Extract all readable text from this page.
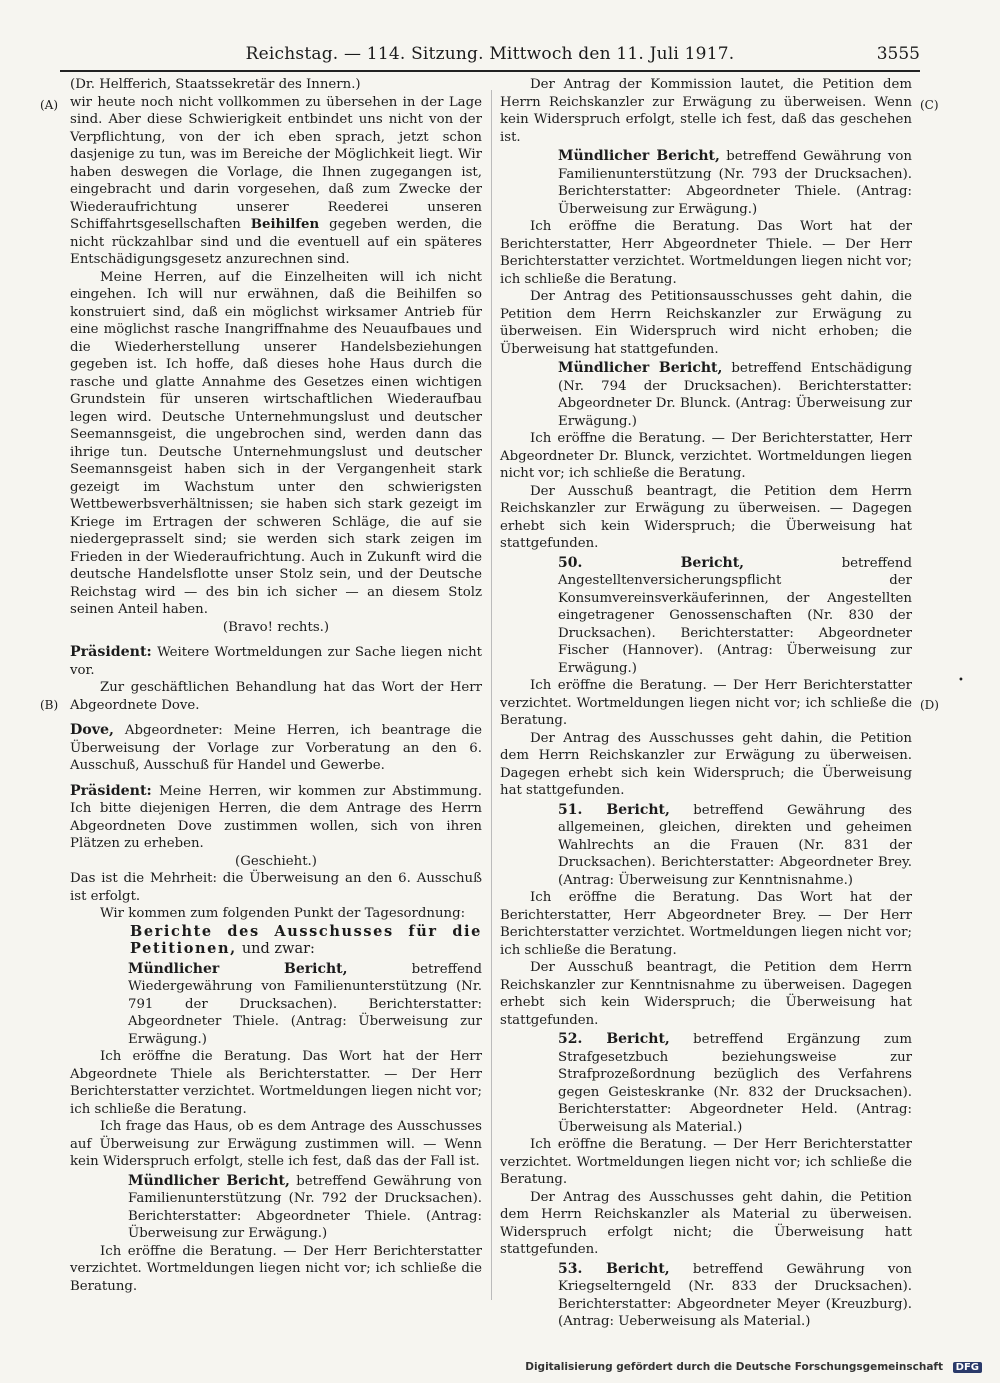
Reichstag. — 114. Sitzung. Mittwoch den 11. Juli 1917.	3555
(A)
(B)
(C)
(D)
•

(Dr. Helfferich, Staatssekretär des Innern.)

wir heute noch nicht vollkommen zu übersehen in der Lage sind. Aber diese Schwierigkeit entbindet uns nicht von der Verpflichtung, von der ich eben sprach, jetzt schon dasjenige zu tun, was im Bereiche der Möglichkeit liegt. Wir haben deswegen die Vorlage, die Ihnen zugegangen ist, eingebracht und darin vorgesehen, daß zum Zwecke der Wiederaufrichtung unserer Reederei unseren Schiffahrtsgesellschaften Beihilfen gegeben werden, die nicht rückzahlbar sind und die eventuell auf ein späteres Entschädigungsgesetz anzurechnen sind.

Meine Herren, auf die Einzelheiten will ich nicht eingehen. Ich will nur erwähnen, daß die Beihilfen so konstruiert sind, daß ein möglichst wirksamer Antrieb für eine möglichst rasche Inangriffnahme des Neuaufbaues und die Wiederherstellung unserer Handelsbeziehungen gegeben ist. Ich hoffe, daß dieses hohe Haus durch die rasche und glatte Annahme des Gesetzes einen wichtigen Grundstein für unseren wirtschaftlichen Wiederaufbau legen wird. Deutsche Unternehmungslust und deutscher Seemannsgeist, die ungebrochen sind, werden dann das ihrige tun. Deutsche Unternehmungslust und deutscher Seemannsgeist haben sich in der Vergangenheit stark gezeigt im Wachstum unter den schwierigsten Wettbewerbsverhältnissen; sie haben sich stark gezeigt im Kriege im Ertragen der schweren Schläge, die auf sie niedergeprasselt sind; sie werden sich stark zeigen im Frieden in der Wiederaufrichtung. Auch in Zukunft wird die deutsche Handelsflotte unser Stolz sein, und der Deutsche Reichstag wird — des bin ich sicher — an diesem Stolz seinen Anteil haben.

(Bravo! rechts.)

Präsident: Weitere Wortmeldungen zur Sache liegen nicht vor.

Zur geschäftlichen Behandlung hat das Wort der Herr Abgeordnete Dove.

Dove, Abgeordneter: Meine Herren, ich beantrage die Überweisung der Vorlage zur Vorberatung an den 6. Ausschuß, Ausschuß für Handel und Gewerbe.

Präsident: Meine Herren, wir kommen zur Abstimmung. Ich bitte diejenigen Herren, die dem Antrage des Herrn Abgeordneten Dove zustimmen wollen, sich von ihren Plätzen zu erheben.

(Geschieht.)

Das ist die Mehrheit: die Überweisung an den 6. Ausschuß ist erfolgt.

Wir kommen zum folgenden Punkt der Tagesordnung:

Berichte des Ausschusses für die Petitionen, und zwar:

Mündlicher Bericht,	betreffend Wiedergewährung von Familienunterstützung (Nr. 791 der Drucksachen). Berichterstatter: Abgeordneter Thiele. (Antrag: Überweisung zur Erwägung.)

Ich eröffne die Beratung. Das Wort hat der Herr Abgeordnete Thiele als Berichterstatter. — Der Herr Berichterstatter verzichtet. Wortmeldungen liegen nicht vor; ich schließe die Beratung.

Ich frage das Haus, ob es dem Antrage des Ausschusses auf Überweisung zur Erwägung zustimmen will. — Wenn kein Widerspruch erfolgt, stelle ich fest, daß das der Fall ist.

Mündlicher Bericht, betreffend Gewährung von Familienunterstützung (Nr. 792 der Drucksachen). Berichterstatter: Abgeordneter Thiele. (Antrag: Überweisung zur Erwägung.)

Ich eröffne die Beratung. — Der Herr Berichterstatter verzichtet. Wortmeldungen liegen nicht vor; ich schließe die Beratung.

Der Antrag der Kommission lautet, die Petition dem Herrn Reichskanzler zur Erwägung zu überweisen. Wenn kein Widerspruch erfolgt, stelle ich fest, daß das geschehen ist.

Mündlicher Bericht, betreffend Gewährung von Familienunterstützung (Nr. 793 der Drucksachen). Berichterstatter: Abgeordneter Thiele. (Antrag: Überweisung zur Erwägung.)

Ich eröffne die Beratung. Das Wort hat der Berichterstatter, Herr Abgeordneter Thiele. — Der Herr Berichterstatter verzichtet. Wortmeldungen liegen nicht vor; ich schließe die Beratung.

Der Antrag des Petitionsausschusses geht dahin, die Petition dem Herrn Reichskanzler zur Erwägung zu überweisen. Ein Widerspruch wird nicht erhoben; die Überweisung hat stattgefunden.

Mündlicher Bericht, betreffend Entschädigung (Nr. 794 der Drucksachen). Berichterstatter: Abgeordneter Dr. Blunck. (Antrag: Überweisung zur Erwägung.)

Ich eröffne die Beratung. — Der Berichterstatter, Herr Abgeordneter Dr. Blunck, verzichtet. Wortmeldungen liegen nicht vor; ich schließe die Beratung.

Der Ausschuß beantragt, die Petition dem Herrn Reichskanzler zur Erwägung zu überweisen. — Dagegen erhebt sich kein Widerspruch; die Überweisung hat stattgefunden.

50. Bericht,	betreffend Angestelltenversicherungspflicht der Konsumvereinsverkäuferinnen, der Angestellten eingetragener Genossenschaften (Nr. 830 der Drucksachen). Berichterstatter: Abgeordneter Fischer (Hannover). (Antrag: Überweisung zur Erwägung.)

Ich eröffne die Beratung. — Der Herr Berichterstatter verzichtet. Wortmeldungen liegen nicht vor; ich schließe die Beratung.

Der Antrag des Ausschusses geht dahin, die Petition dem Herrn Reichskanzler zur Erwägung zu überweisen. Dagegen erhebt sich kein Widerspruch; die Überweisung hat stattgefunden.

51. Bericht, betreffend Gewährung des allgemeinen, gleichen, direkten und geheimen Wahlrechts an die Frauen (Nr. 831 der Drucksachen). Berichterstatter: Abgeordneter Brey. (Antrag: Überweisung zur Kenntnisnahme.)

Ich eröffne die Beratung. Das Wort hat der Berichterstatter, Herr Abgeordneter Brey. — Der Herr Berichterstatter verzichtet. Wortmeldungen liegen nicht vor; ich schließe die Beratung.

Der Ausschuß beantragt, die Petition dem Herrn Reichskanzler zur Kenntnisnahme zu überweisen. Dagegen erhebt sich kein Widerspruch; die Überweisung hat stattgefunden.

52. Bericht, betreffend Ergänzung zum Strafgesetzbuch beziehungsweise zur Strafprozeßordnung bezüglich des Verfahrens gegen Geisteskranke (Nr. 832 der Drucksachen). Berichterstatter: Abgeordneter Held. (Antrag: Überweisung als Material.)

Ich eröffne die Beratung. — Der Herr Berichterstatter verzichtet. Wortmeldungen liegen nicht vor; ich schließe die Beratung.

Der Antrag des Ausschusses geht dahin, die Petition dem Herrn Reichskanzler als Material zu überweisen. Widerspruch erfolgt nicht; die Überweisung hatt stattgefunden.

53. Bericht, betreffend Gewährung von Kriegselterngeld (Nr. 833 der Drucksachen). Berichterstatter: Abgeordneter Meyer (Kreuzburg). (Antrag: Ueberweisung als Material.)

Digitalisierung gefördert durch die Deutsche Forschungsgemeinschaft DFG
